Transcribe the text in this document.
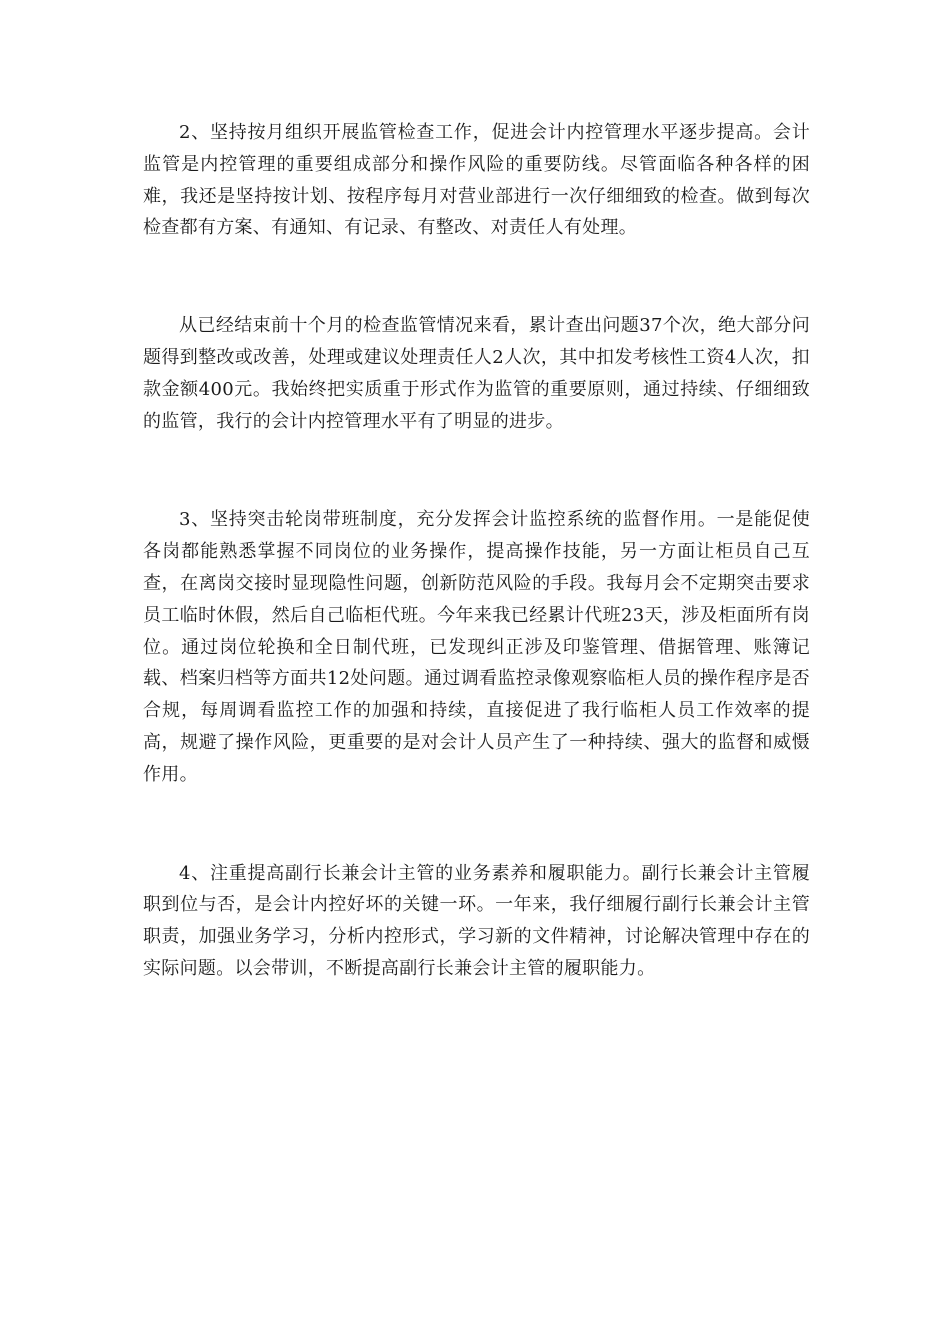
2、坚持按月组织开展监管检查工作，促进会计内控管理水平逐步提高。会计监管是内控管理的重要组成部分和操作风险的重要防线。尽管面临各种各样的困难，我还是坚持按计划、按程序每月对营业部进行一次仔细细致的检查。做到每次检查都有方案、有通知、有记录、有整改、对责任人有处理。

从已经结束前十个月的检查监管情况来看，累计查出问题37个次，绝大部分问题得到整改或改善，处理或建议处理责任人2人次，其中扣发考核性工资4人次，扣款金额400元。我始终把实质重于形式作为监管的重要原则，通过持续、仔细细致的监管，我行的会计内控管理水平有了明显的进步。

3、坚持突击轮岗带班制度，充分发挥会计监控系统的监督作用。一是能促使各岗都能熟悉掌握不同岗位的业务操作，提高操作技能，另一方面让柜员自己互查，在离岗交接时显现隐性问题，创新防范风险的手段。我每月会不定期突击要求员工临时休假，然后自己临柜代班。今年来我已经累计代班23天，涉及柜面所有岗位。通过岗位轮换和全日制代班，已发现纠正涉及印鉴管理、借据管理、账簿记载、档案归档等方面共12处问题。通过调看监控录像观察临柜人员的操作程序是否合规，每周调看监控工作的加强和持续，直接促进了我行临柜人员工作效率的提高，规避了操作风险，更重要的是对会计人员产生了一种持续、强大的监督和威慑作用。

4、注重提高副行长兼会计主管的业务素养和履职能力。副行长兼会计主管履职到位与否，是会计内控好坏的关键一环。一年来，我仔细履行副行长兼会计主管职责，加强业务学习，分析内控形式，学习新的文件精神，讨论解决管理中存在的实际问题。以会带训，不断提高副行长兼会计主管的履职能力。
